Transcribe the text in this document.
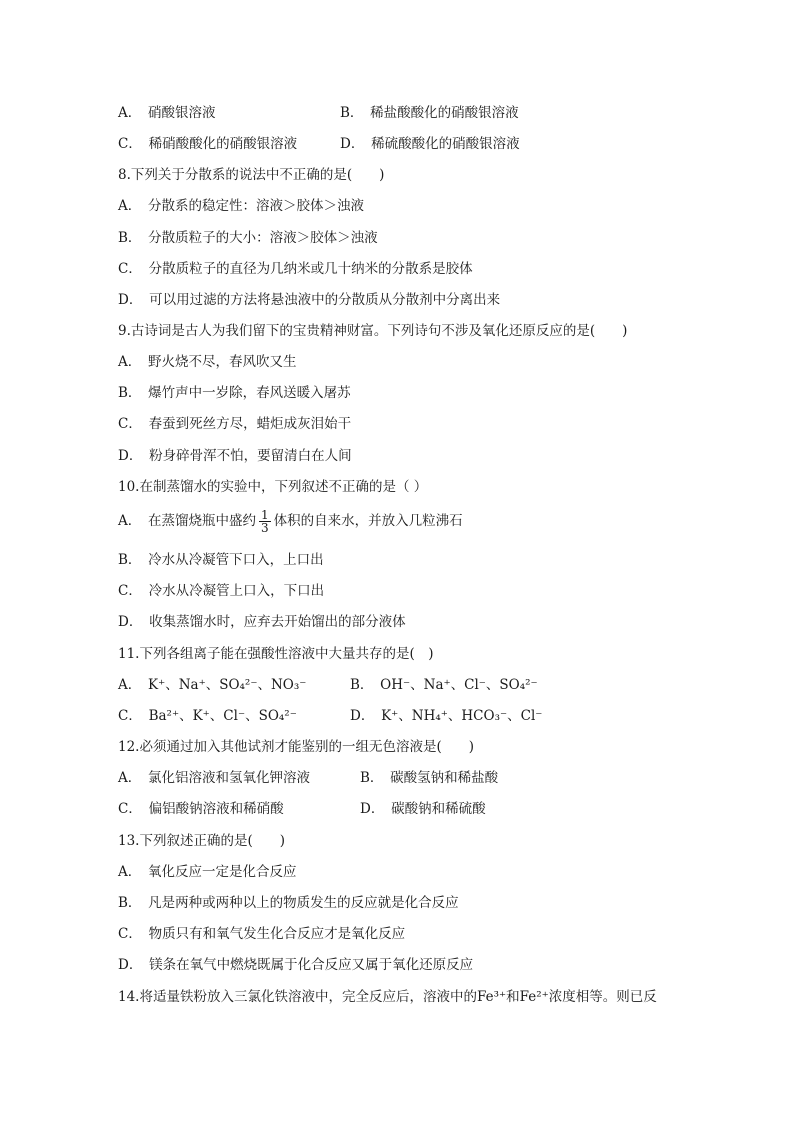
A．　硝酸银溶液	B．　稀盐酸酸化的硝酸银溶液
C．　稀硝酸酸化的硝酸银溶液	D．　稀硫酸酸化的硝酸银溶液
8.下列关于分散系的说法中不正确的是(　　)
A．　分散系的稳定性：溶液＞胶体＞浊液
B．　分散质粒子的大小：溶液＞胶体＞浊液
C．　分散质粒子的直径为几纳米或几十纳米的分散系是胶体
D．　可以用过滤的方法将悬浊液中的分散质从分散剂中分离出来
9.古诗词是古人为我们留下的宝贵精神财富。下列诗句不涉及氧化还原反应的是(　　)
A．　野火烧不尽，春风吹又生
B．　爆竹声中一岁除，春风送暖入屠苏
C．　春蚕到死丝方尽，蜡炬成灰泪始干
D．　粉身碎骨浑不怕，要留清白在人间
10.在制蒸馏水的实验中，下列叙述不正确的是（ ）
A．　在蒸馏烧瓶中盛约 $\frac{1}{3}$ 体积的自来水，并放入几粒沸石
B．　冷水从冷凝管下口入，上口出
C．　冷水从冷凝管上口入，下口出
D．　收集蒸馏水时，应弃去开始馏出的部分液体
11.下列各组离子能在强酸性溶液中大量共存的是(　)
A．　K⁺、Na⁺、SO₄²⁻、NO₃⁻	B．　OH⁻、Na⁺、Cl⁻、SO₄²⁻
C．　Ba²⁺、K⁺、Cl⁻、SO₄²⁻	D．　K⁺、NH₄⁺、HCO₃⁻、Cl⁻
12.必须通过加入其他试剂才能鉴别的一组无色溶液是(　　)
A．　氯化铝溶液和氢氧化钾溶液	B．　碳酸氢钠和稀盐酸
C．　偏铝酸钠溶液和稀硝酸	D．　碳酸钠和稀硫酸
13.下列叙述正确的是(　　)
A．　氧化反应一定是化合反应
B．　凡是两种或两种以上的物质发生的反应就是化合反应
C．　物质只有和氧气发生化合反应才是氧化反应
D．　镁条在氧气中燃烧既属于化合反应又属于氧化还原反应
14.将适量铁粉放入三氯化铁溶液中，完全反应后，溶液中的Fe³⁺和Fe²⁺浓度相等。则已反
